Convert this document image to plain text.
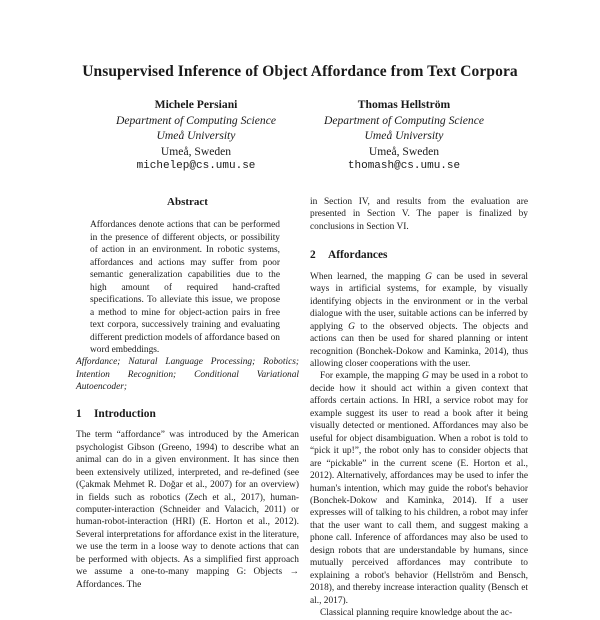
Unsupervised Inference of Object Affordance from Text Corpora
Michele Persiani
Department of Computing Science
Umeå University
Umeå, Sweden
michelep@cs.umu.se
Thomas Hellström
Department of Computing Science
Umeå University
Umeå, Sweden
thomash@cs.umu.se
Abstract

Affordances denote actions that can be performed in the presence of different objects, or possibility of action in an environment. In robotic systems, affordances and actions may suffer from poor semantic generalization capabilities due to the high amount of required hand-crafted specifications. To alleviate this issue, we propose a method to mine for object-action pairs in free text corpora, successively training and evaluating different prediction models of affordance based on word embeddings.

Affordance; Natural Language Processing; Robotics; Intention Recognition; Conditional Variational Autoencoder;

1 Introduction

The term “affordance” was introduced by the American psychologist Gibson (Greeno, 1994) to describe what an animal can do in a given environment. It has since then been extensively utilized, interpreted, and re-defined (see (Çakmak Mehmet R. Doğar et al., 2007) for an overview) in fields such as robotics (Zech et al., 2017), human-computer-interaction (Schneider and Valacich, 2011) or human-robot-interaction (HRI) (E. Horton et al., 2012). Several interpretations for affordance exist in the literature, we use the term in a loose way to denote actions that can be performed with objects. As a simplified first approach we assume a one-to-many mapping G: Objects → Affordances. The

in Section IV, and results from the evaluation are presented in Section V. The paper is finalized by conclusions in Section VI.

2 Affordances

When learned, the mapping G can be used in several ways in artificial systems, for example, by visually identifying objects in the environment or in the verbal dialogue with the user, suitable actions can be inferred by applying G to the observed objects. The objects and actions can then be used for shared planning or intent recognition (Bonchek-Dokow and Kaminka, 2014), thus allowing closer cooperations with the user.

For example, the mapping G may be used in a robot to decide how it should act within a given context that affords certain actions. In HRI, a service robot may for example suggest its user to read a book after it being visually detected or mentioned. Affordances may also be useful for object disambiguation. When a robot is told to “pick it up!”, the robot only has to consider objects that are “pickable” in the current scene (E. Horton et al., 2012). Alternatively, affordances may be used to infer the human's intention, which may guide the robot's behavior (Bonchek-Dokow and Kaminka, 2014). If a user expresses will of talking to his children, a robot may infer that the user want to call them, and suggest making a phone call. Inference of affordances may also be used to design robots that are understandable by humans, since mutually perceived affordances may contribute to explaining a robot's behavior (Hellström and Bensch, 2018), and thereby increase interaction quality (Bensch et al., 2017).

Classical planning require knowledge about the ac-
